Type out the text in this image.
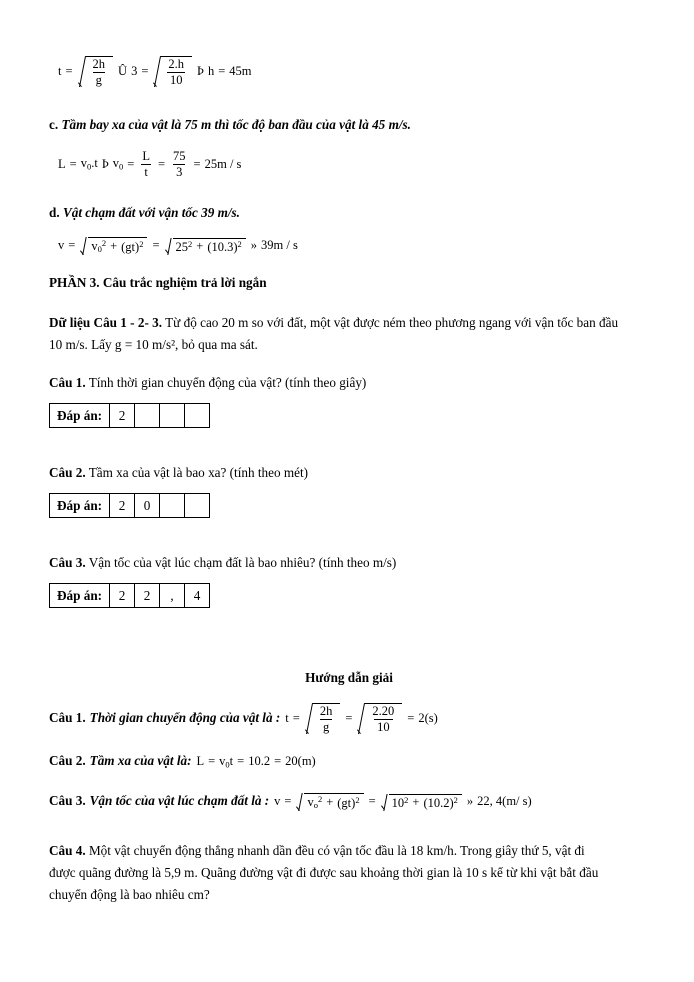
$t = \frac{2h}{g}$ Û $3 = \frac{2.h}{10}$ Þ h = 45m
c. Tầm bay xa của vật là 75 m thì tốc độ ban đầu của vật là 45 m/s.
$L = v_0.t$ Þ $v_0 = \frac{L}{t} = \frac{75}{3} = 25m / s$
d. Vật chạm đất với vận tốc 39 m/s.
$v = v_0^2 + (gt)^2 = 25^2 + (10.3)^2$ » 39m / s
PHẦN 3. Câu trắc nghiệm trả lời ngắn
Dữ liệu Câu 1 - 2- 3. Từ độ cao 20 m so với đất, một vật được ném theo phương ngang với vận tốc ban đầu
10 m/s. Lấy g = 10 m/s², bỏ qua ma sát.
Câu 1. Tính thời gian chuyển động của vật? (tính theo giây)
Đáp án:	2
Câu 2. Tầm xa của vật là bao xa? (tính theo mét)
Đáp án:	2	0
Câu 3. Vận tốc của vật lúc chạm đất là bao nhiêu? (tính theo m/s)
Đáp án:	2	2	,	4
Hướng dẫn giải
Câu 1. Thời gian chuyển động của vật là : $t = \frac{2h}{g} = \frac{2.20}{10} = 2(s)$
Câu 2. Tầm xa của vật là: $L = v_0t = 10.2 = 20(m)$
Câu 3. Vận tốc của vật lúc chạm đất là : $v = v_o^2 + (gt)^2 = 10^2 + (10.2)^2$ » 22, 4(m/ s)
Câu 4. Một vật chuyển động thẳng nhanh dần đều có vận tốc đầu là 18 km/h. Trong giây thứ 5, vật đi
được quãng đường là 5,9 m. Quãng đường vật đi được sau khoảng thời gian là 10 s kể từ khi vật bắt đầu
chuyển động là bao nhiêu cm?
